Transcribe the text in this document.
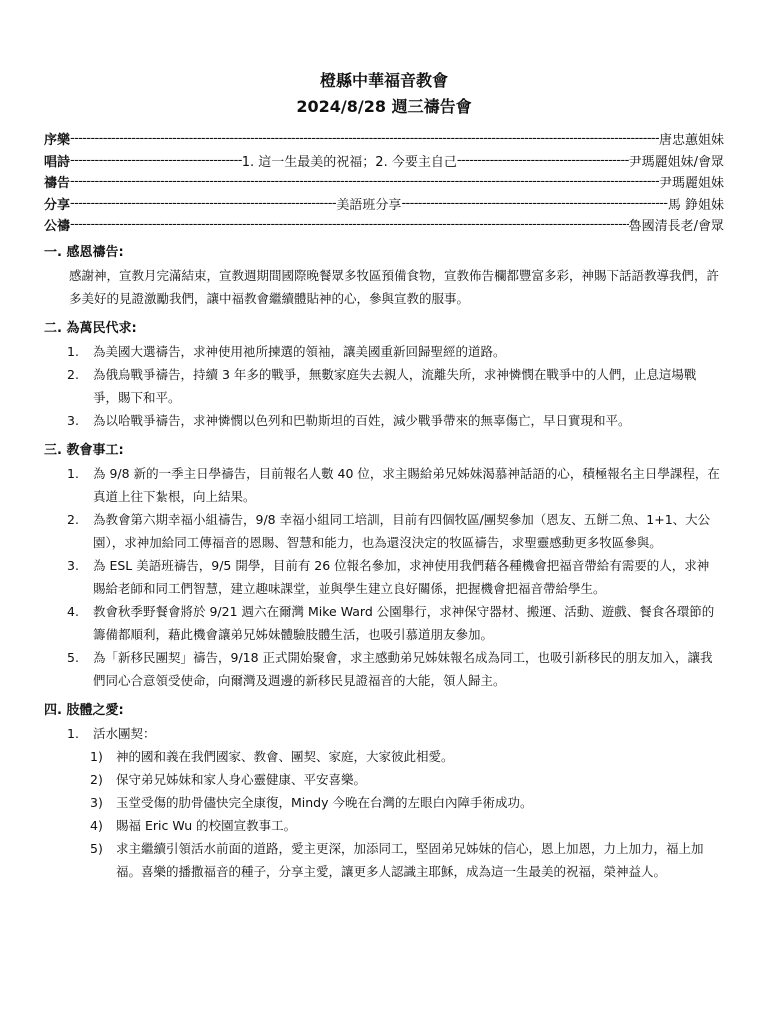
橙縣中華福音教會
2024/8/28 週三禱告會
序樂 -----	唐忠蕙姐妹
唱詩 -----	1. 這一生最美的祝福；2. 今要主自己 -----	尹瑪麗姐妹/會眾
禱告 -----	尹瑪麗姐妹
分享 -----	美語班分享 -----	馬 錚姐妹
公禱 -----	魯國清長老/會眾
一. 感恩禱告:
感謝神，宣教月完滿結束，宣教週期間國際晚餐眾多牧區預備食物，宣教佈告欄都豐富多彩，神賜下話語教導我們，許多美好的見證激勵我們，讓中福教會繼續體貼神的心，參與宣教的服事。
二. 為萬民代求:
1.	為美國大選禱告，求神使用祂所揀選的領袖，讓美國重新回歸聖經的道路。
2.	為俄烏戰爭禱告，持續 3 年多的戰爭，無數家庭失去親人，流離失所，求神憐憫在戰爭中的人們，止息這場戰爭，賜下和平。
3.	為以哈戰爭禱告，求神憐憫以色列和巴勒斯坦的百姓，減少戰爭帶來的無辜傷亡，早日實現和平。
三. 教會事工:
1.	為 9/8 新的一季主日學禱告，目前報名人數 40 位，求主賜給弟兄姊妹渴慕神話語的心，積極報名主日學課程，在真道上往下紮根，向上結果。
2.	為教會第六期幸福小組禱告，9/8 幸福小組同工培訓，目前有四個牧區/團契參加（恩友、五餅二魚、1+1、大公園），求神加給同工傳福音的恩賜、智慧和能力，也為還沒決定的牧區禱告，求聖靈感動更多牧區參與。
3.	為 ESL 美語班禱告，9/5 開學，目前有 26 位報名參加，求神使用我們藉各種機會把福音帶給有需要的人，求神賜給老師和同工們智慧，建立趣味課堂，並與學生建立良好關係，把握機會把福音帶給學生。
4.	教會秋季野餐會將於 9/21 週六在爾灣 Mike Ward 公園舉行，求神保守器材、搬運、活動、遊戲、餐食各環節的籌備都順利，藉此機會讓弟兄姊妹體驗肢體生活，也吸引慕道朋友參加。
5.	為「新移民團契」禱告，9/18 正式開始聚會，求主感動弟兄姊妹報名成為同工，也吸引新移民的朋友加入，讓我們同心合意領受使命，向爾灣及週邊的新移民見證福音的大能，領人歸主。
四. 肢體之愛:
1.	活水團契：
1)	神的國和義在我們國家、教會、團契、家庭，大家彼此相愛。
2)	保守弟兄姊妹和家人身心靈健康、平安喜樂。
3)	玉堂受傷的肋骨儘快完全康復，Mindy 今晚在台灣的左眼白內障手術成功。
4)	賜福 Eric Wu 的校園宣教事工。
5)	求主繼續引領活水前面的道路，愛主更深，加添同工，堅固弟兄姊妹的信心，恩上加恩，力上加力，福上加福。喜樂的播撒福音的種子，分享主愛，讓更多人認識主耶穌，成為這一生最美的祝福，榮神益人。
